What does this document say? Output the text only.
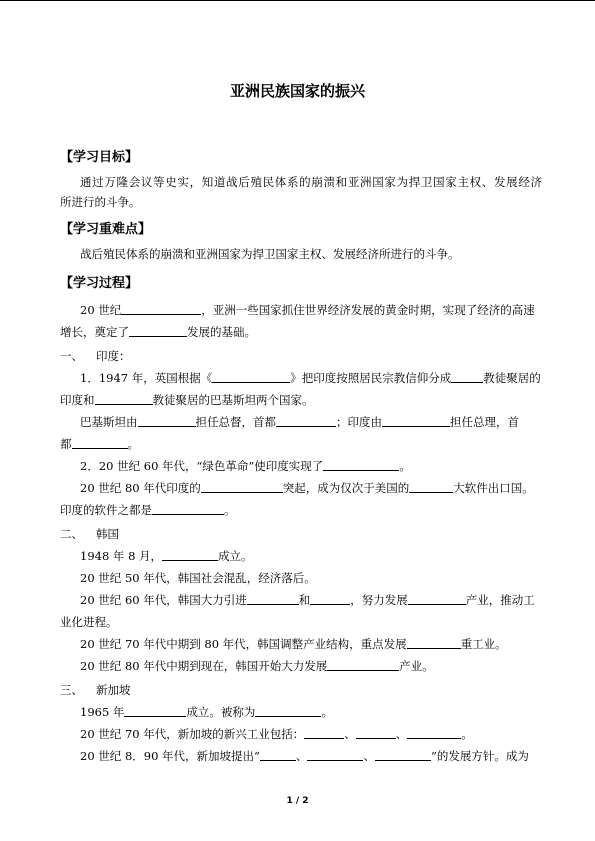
亚洲民族国家的振兴
【学习目标】
通过万隆会议等史实，知道战后殖民体系的崩溃和亚洲国家为捍卫国家主权、发展经济
所进行的斗争。
【学习重难点】
战后殖民体系的崩溃和亚洲国家为捍卫国家主权、发展经济所进行的斗争。
【学习过程】
20 世纪	，亚洲一些国家抓住世界经济发展的黄金时期，实现了经济的高速
增长，奠定了	发展的基础。
一、 印度：
1．1947 年，英国根据《	》把印度按照居民宗教信仰分成	教徒聚居的
印度和	教徒聚居的巴基斯坦两个国家。
巴基斯坦由	担任总督，首都	；印度由	担任总理，首
都	。
2．20 世纪 60 年代，“绿色革命”使印度实现了	。
20 世纪 80 年代印度的	突起，成为仅次于美国的	大软件出口国。
印度的软件之都是	。
二、 韩国
1948 年 8 月，	成立。
20 世纪 50 年代，韩国社会混乱，经济落后。
20 世纪 60 年代，韩国大力引进	和	，努力发展	产业，推动工
业化进程。
20 世纪 70 年代中期到 80 年代，韩国调整产业结构，重点发展	重工业。
20 世纪 80 年代中期到现在，韩国开始大力发展	产业。
三、 新加坡
1965 年	成立。被称为	。
20 世纪 70 年代，新加坡的新兴工业包括：	、	、	。
20 世纪 8．90 年代，新加坡提出“	、	、	”的发展方针。成为
1 / 2
